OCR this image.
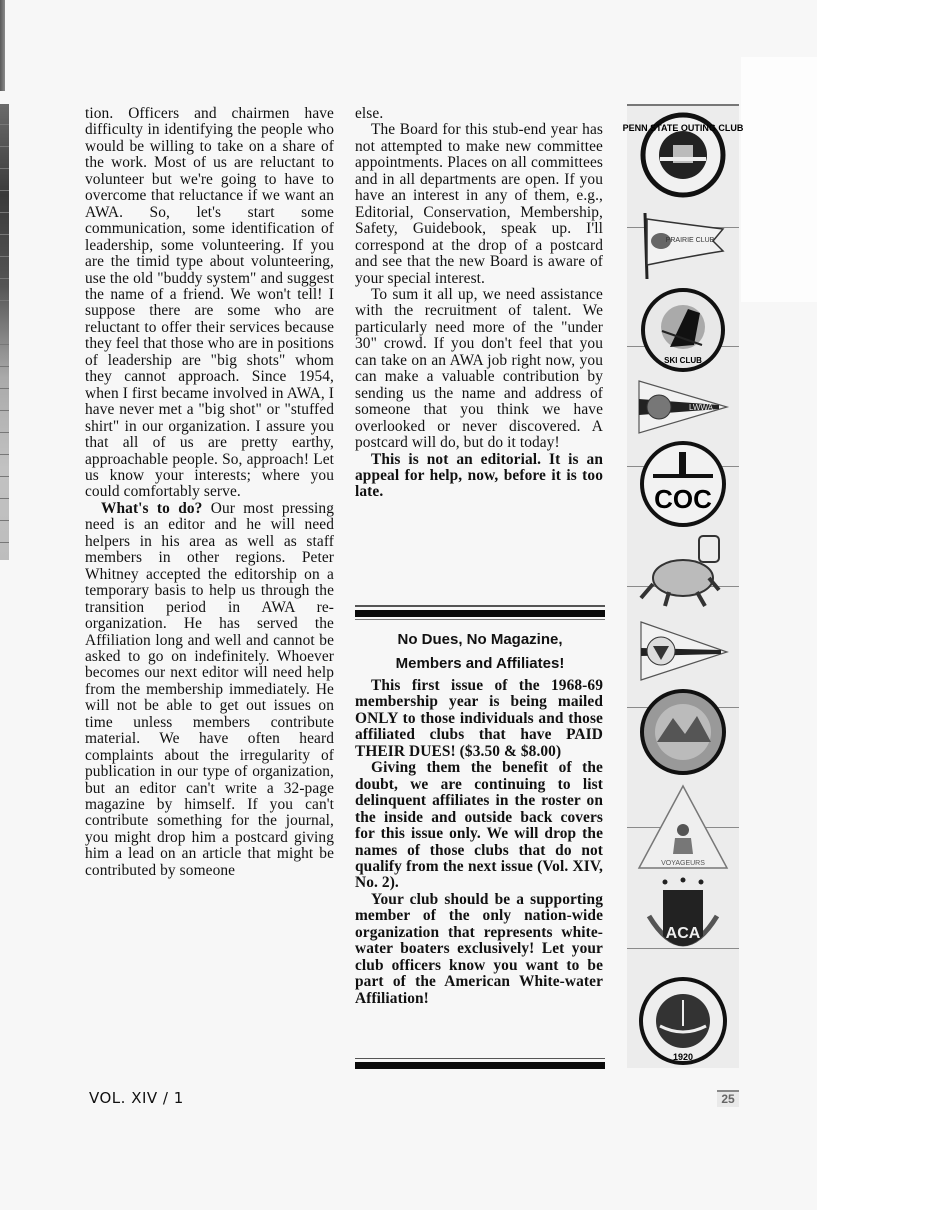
tion. Officers and chairmen have difficulty in identifying the people who would be willing to take on a share of the work. Most of us are reluctant to volunteer but we're going to have to overcome that reluctance if we want an AWA. So, let's start some communication, some identification of leadership, some volunteering. If you are the timid type about volunteering, use the old "buddy system" and suggest the name of a friend. We won't tell! I suppose there are some who are reluctant to offer their services because they feel that those who are in positions of leadership are "big shots" whom they cannot approach. Since 1954, when I first became involved in AWA, I have never met a "big shot" or "stuffed shirt" in our organization. I assure you that all of us are pretty earthy, approachable people. So, approach! Let us know your interests; where you could comfortably serve.

What's to do? Our most pressing need is an editor and he will need helpers in his area as well as staff members in other regions. Peter Whitney accepted the editorship on a temporary basis to help us through the transition period in AWA re-organization. He has served the Affiliation long and well and cannot be asked to go on indefinitely. Whoever becomes our next editor will need help from the membership immediately. He will not be able to get out issues on time unless members contribute material. We have often heard complaints about the irregularity of publication in our type of organization, but an editor can't write a 32-page magazine by himself. If you can't contribute something for the journal, you might drop him a postcard giving him a lead on an article that might be contributed by someone

else.

The Board for this stub-end year has not attempted to make new committee appointments. Places on all committees and in all departments are open. If you have an interest in any of them, e.g., Editorial, Conservation, Membership, Safety, Guidebook, speak up. I'll correspond at the drop of a postcard and see that the new Board is aware of your special interest.

To sum it all up, we need assistance with the recruitment of talent. We particularly need more of the "under 30" crowd. If you don't feel that you can take on an AWA job right now, you can make a valuable contribution by sending us the name and address of someone that you think we have overlooked or never discovered. A postcard will do, but do it today!

This is not an editorial. It is an appeal for help, now, before it is too late.

No Dues, No Magazine,
Members and Affiliates!

This first issue of the 1968-69 membership year is being mailed ONLY to those individuals and those affiliated clubs that have PAID THEIR DUES! ($3.50 & $8.00)

Giving them the benefit of the doubt, we are continuing to list delinquent affiliates in the roster on the inside and outside back covers for this issue only. We will drop the names of those clubs that do not qualify from the next issue (Vol. XIV, No. 2).

Your club should be a supporting member of the only nation-wide organization that represents white-water boaters exclusively! Let your club officers know you want to be part of the American White-water Affiliation!

PENN STATE OUTING CLUB
PRAIRIE CLUB
SKI CLUB
LWWA
COC
VOYAGEURS
ACA
1920
VOL. XIV / 1	25
